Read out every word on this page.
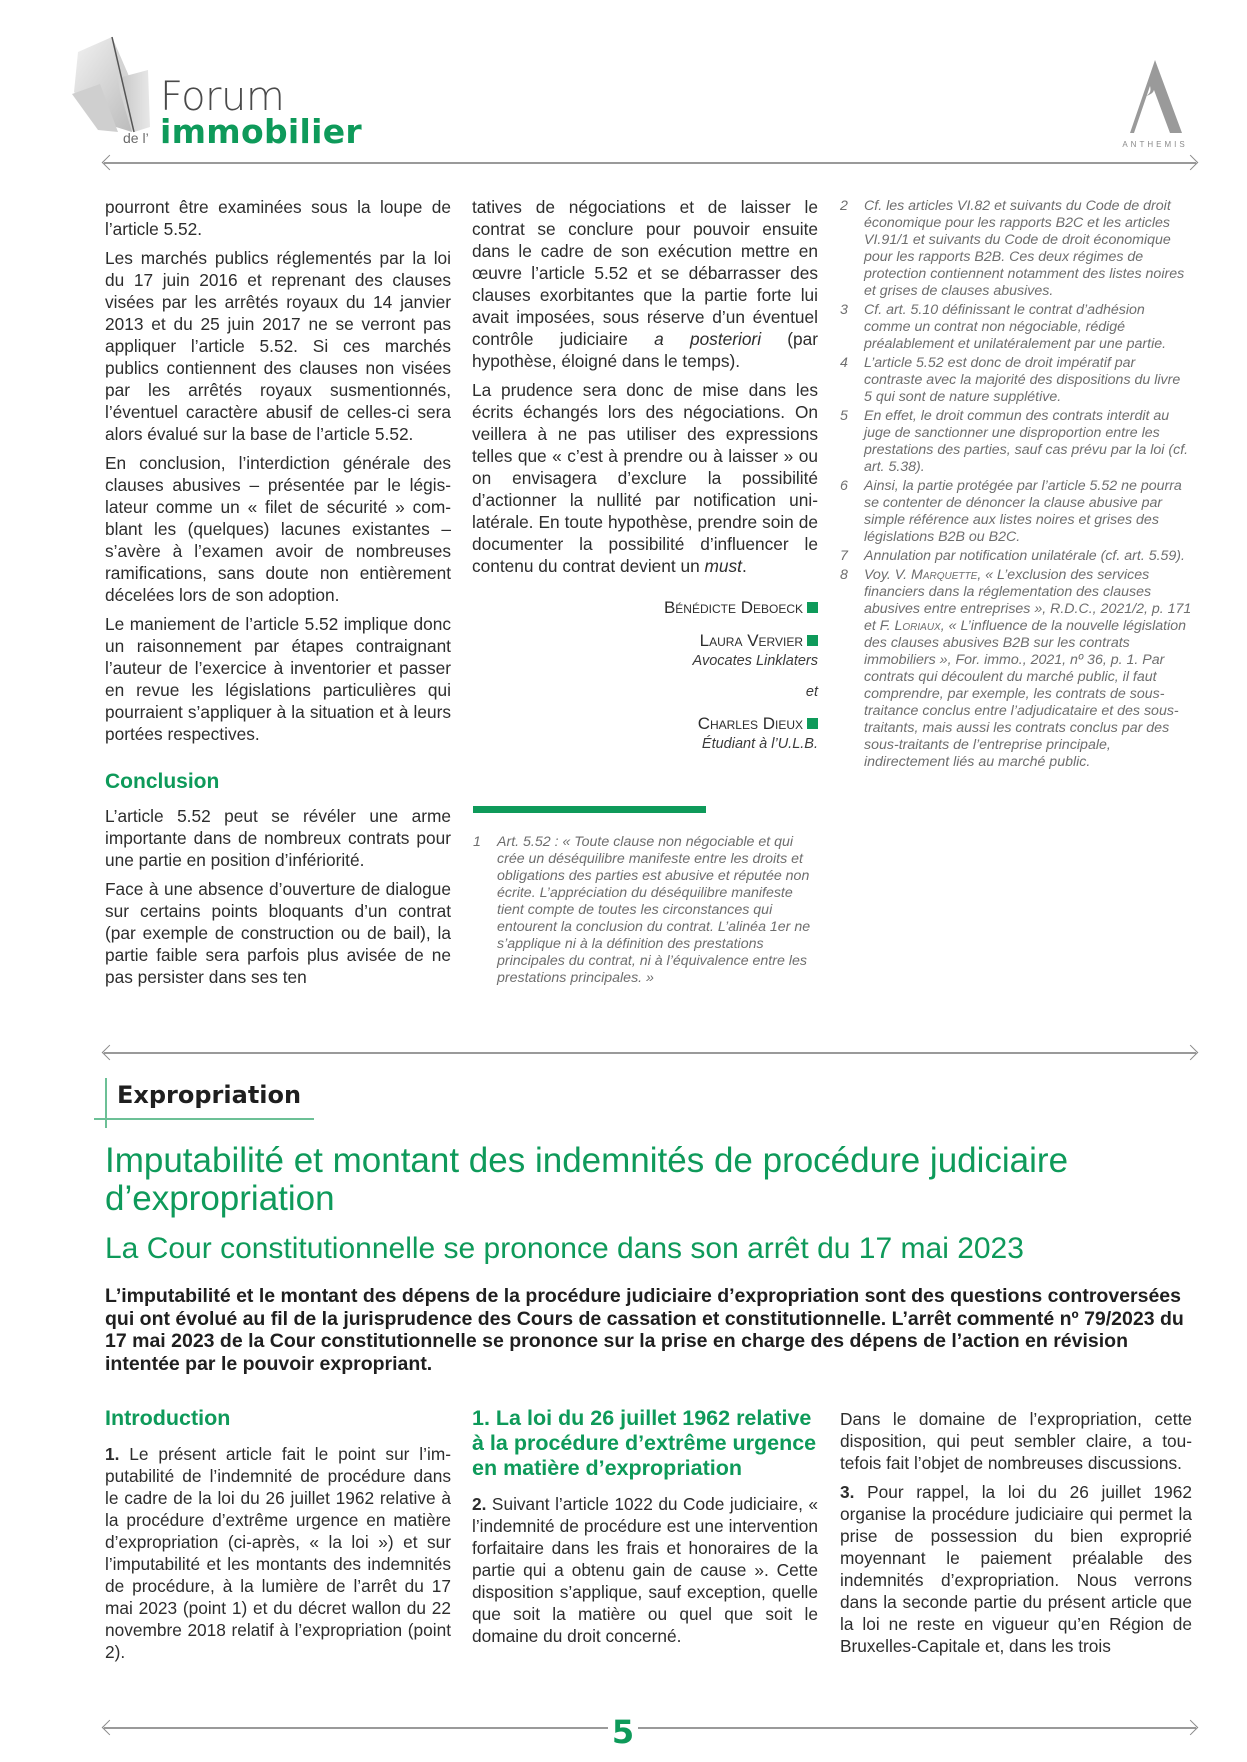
Forum
de l’ immobilier	ANTHEMIS

pourront être examinées sous la loupe de l’article 5.52.

Les marchés publics réglementés par la loi du 17 juin 2016 et reprenant des clauses visées par les arrêtés royaux du 14 janvier 2013 et du 25 juin 2017 ne se verront pas appliquer l’article 5.52. Si ces marchés publics contiennent des clauses non visées par les arrêtés royaux susmentionnés, l’éventuel caractère abusif de celles-ci sera alors évalué sur la base de l’article 5.52.

En conclusion, l’interdiction générale des clauses abusives – présentée par le législateur comme un « filet de sécurité » comblant les (quelques) lacunes existantes – s’avère à l’examen avoir de nombreuses ramifications, sans doute non entièrement décelées lors de son adoption.

Le maniement de l’article 5.52 implique donc un raisonnement par étapes contraignant l’auteur de l’exercice à inventorier et passer en revue les législations particulières qui pourraient s’appliquer à la situation et à leurs portées respectives.

Conclusion

L’article 5.52 peut se révéler une arme importante dans de nombreux contrats pour une partie en position d’infériorité.

Face à une absence d’ouverture de dialogue sur certains points bloquants d’un contrat (par exemple de construction ou de bail), la partie faible sera parfois plus avisée de ne pas persister dans ses ten

tatives de négociations et de laisser le contrat se conclure pour pouvoir ensuite dans le cadre de son exécution mettre en œuvre l’article 5.52 et se débarrasser des clauses exorbitantes que la partie forte lui avait imposées, sous réserve d’un éventuel contrôle judiciaire a posteriori (par hypothèse, éloigné dans le temps).

La prudence sera donc de mise dans les écrits échangés lors des négociations. On veillera à ne pas utiliser des expressions telles que « c’est à prendre ou à laisser » ou on envisagera d’exclure la possibilité d’actionner la nullité par notification unilatérale. En toute hypothèse, prendre soin de documenter la possibilité d’influencer le contenu du contrat devient un must.

Bénédicte Deboeck
Laura Vervier
Avocates Linklaters
et
Charles Dieux
Étudiant à l’U.L.B.
1	Art. 5.52 : « Toute clause non négociable et qui crée un déséquilibre manifeste entre les droits et obligations des parties est abusive et réputée non écrite. L’appréciation du déséquilibre manifeste tient compte de toutes les circonstances qui entourent la conclusion du contrat. L’alinéa 1er ne s’applique ni à la définition des prestations principales du contrat, ni à l’équivalence entre les prestations principales. »
2	Cf. les articles VI.82 et suivants du Code de droit économique pour les rapports B2C et les articles VI.91/1 et suivants du Code de droit économique pour les rapports B2B. Ces deux régimes de protection contiennent notamment des listes noires et grises de clauses abusives.
3	Cf. art. 5.10 définissant le contrat d’adhésion comme un contrat non négociable, rédigé préalablement et unilatéralement par une partie.
4	L’article 5.52 est donc de droit impératif par contraste avec la majorité des dispositions du livre 5 qui sont de nature supplétive.
5	En effet, le droit commun des contrats interdit au juge de sanctionner une disproportion entre les prestations des parties, sauf cas prévu par la loi (cf. art. 5.38).
6	Ainsi, la partie protégée par l’article 5.52 ne pourra se contenter de dénoncer la clause abusive par simple référence aux listes noires et grises des législations B2B ou B2C.
7	Annulation par notification unilatérale (cf. art. 5.59).
8	Voy. V. Marquette, « L’exclusion des services financiers dans la réglementation des clauses abusives entre entreprises », R.D.C., 2021/2, p. 171 et F. Loriaux, « L’influence de la nouvelle législation des clauses abusives B2B sur les contrats immobiliers », For. immo., 2021, nº 36, p. 1. Par contrats qui découlent du marché public, il faut comprendre, par exemple, les contrats de sous-traitance conclus entre l’adjudicataire et des sous-traitants, mais aussi les contrats conclus par des sous-traitants de l’entreprise principale, indirectement liés au marché public.
Expropriation
Imputabilité et montant des indemnités de procédure judiciaire d’expropriation
La Cour constitutionnelle se prononce dans son arrêt du 17 mai 2023
L’imputabilité et le montant des dépens de la procédure judiciaire d’expropriation sont des questions controversées qui ont évolué au fil de la jurisprudence des Cours de cassation et constitutionnelle. L’arrêt commenté nº 79/2023 du 17 mai 2023 de la Cour constitutionnelle se prononce sur la prise en charge des dépens de l’action en révision intentée par le pouvoir expropriant.
Introduction

1. Le présent article fait le point sur l’imputabilité de l’indemnité de procédure dans le cadre de la loi du 26 juillet 1962 relative à la procédure d’extrême urgence en matière d’expropriation (ci-après, « la loi ») et sur l’imputabilité et les montants des indemnités de procédure, à la lumière de l’arrêt du 17 mai 2023 (point 1) et du décret wallon du 22 novembre 2018 relatif à l’expropriation (point 2).

1. La loi du 26 juillet 1962 relative à la procédure d’extrême urgence en matière d’expropriation

2. Suivant l’article 1022 du Code judiciaire, « l’indemnité de procédure est une intervention forfaitaire dans les frais et honoraires de la partie qui a obtenu gain de cause ». Cette disposition s’applique, sauf exception, quelle que soit la matière ou quel que soit le domaine du droit concerné.

Dans le domaine de l’expropriation, cette disposition, qui peut sembler claire, a toutefois fait l’objet de nombreuses discussions.

3. Pour rappel, la loi du 26 juillet 1962 organise la procédure judiciaire qui permet la prise de possession du bien exproprié moyennant le paiement préalable des indemnités d’expropriation. Nous verrons dans la seconde partie du présent article que la loi ne reste en vigueur qu’en Région de Bruxelles-Capitale et, dans les trois

5
